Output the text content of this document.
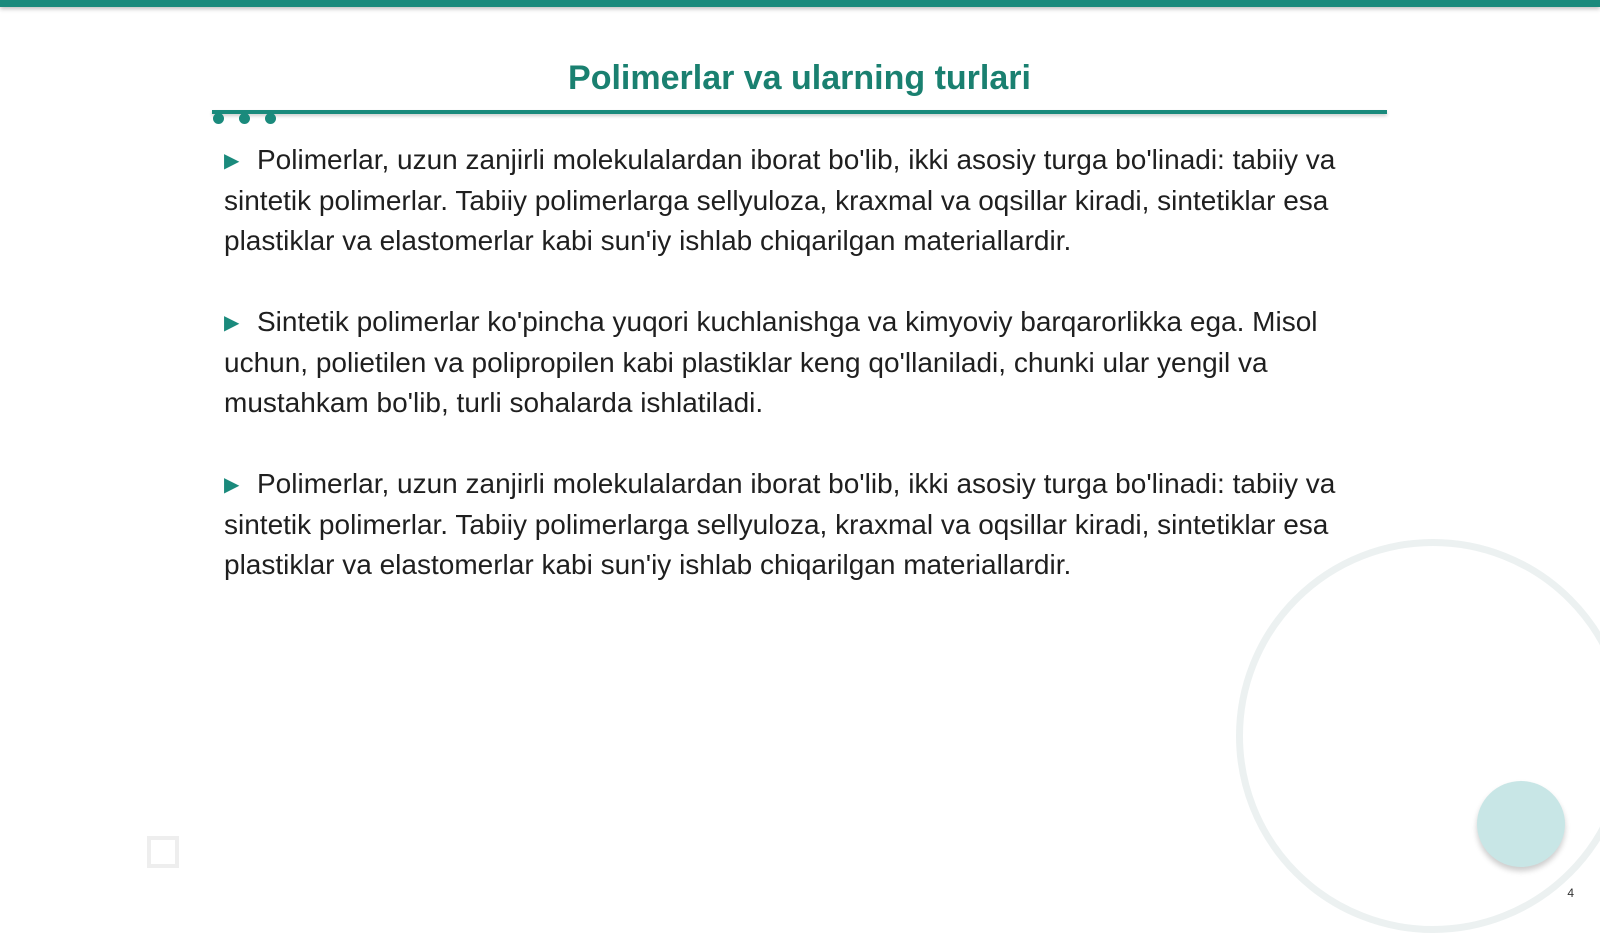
Polimerlar va ularning turlari

▶ Polimerlar, uzun zanjirli molekulalardan iborat bo'lib, ikki asosiy turga bo'linadi: tabiiy va sintetik polimerlar. Tabiiy polimerlarga sellyuloza, kraxmal va oqsillar kiradi, sintetiklar esa plastiklar va elastomerlar kabi sun'iy ishlab chiqarilgan materiallardir.

▶ Sintetik polimerlar ko'pincha yuqori kuchlanishga va kimyoviy barqarorlikka ega. Misol uchun, polietilen va polipropilen kabi plastiklar keng qo'llaniladi, chunki ular yengil va mustahkam bo'lib, turli sohalarda ishlatiladi.

▶ Polimerlar, uzun zanjirli molekulalardan iborat bo'lib, ikki asosiy turga bo'linadi: tabiiy va sintetik polimerlar. Tabiiy polimerlarga sellyuloza, kraxmal va oqsillar kiradi, sintetiklar esa plastiklar va elastomerlar kabi sun'iy ishlab chiqarilgan materiallardir.

4
